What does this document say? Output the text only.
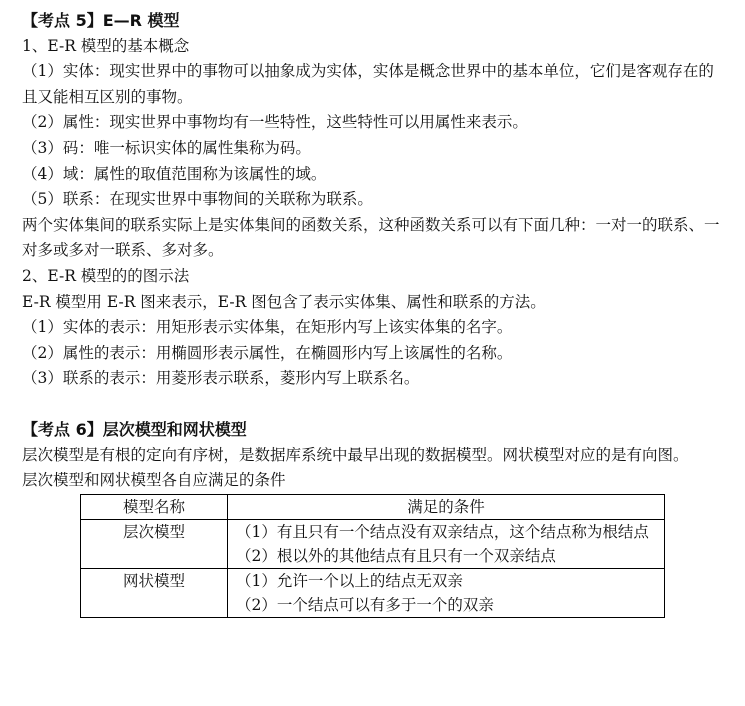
【考点 5】E—R 模型
1、E-R 模型的基本概念
（1）实体：现实世界中的事物可以抽象成为实体，实体是概念世界中的基本单位，它们是客观存在的且又能相互区别的事物。
（2）属性：现实世界中事物均有一些特性，这些特性可以用属性来表示。
（3）码：唯一标识实体的属性集称为码。
（4）域：属性的取值范围称为该属性的域。
（5）联系：在现实世界中事物间的关联称为联系。
两个实体集间的联系实际上是实体集间的函数关系，这种函数关系可以有下面几种：一对一的联系、一对多或多对一联系、多对多。
2、E-R 模型的的图示法
E-R 模型用 E-R 图来表示，E-R 图包含了表示实体集、属性和联系的方法。
（1）实体的表示：用矩形表示实体集，在矩形内写上该实体集的名字。
（2）属性的表示：用椭圆形表示属性，在椭圆形内写上该属性的名称。
（3）联系的表示：用菱形表示联系，菱形内写上联系名。
【考点 6】层次模型和网状模型
层次模型是有根的定向有序树，是数据库系统中最早出现的数据模型。网状模型对应的是有向图。
层次模型和网状模型各自应满足的条件
模型名称	满足的条件
层次模型	（1）有且只有一个结点没有双亲结点，这个结点称为根结点
（2）根以外的其他结点有且只有一个双亲结点

网状模型	（1）允许一个以上的结点无双亲
（2）一个结点可以有多于一个的双亲
